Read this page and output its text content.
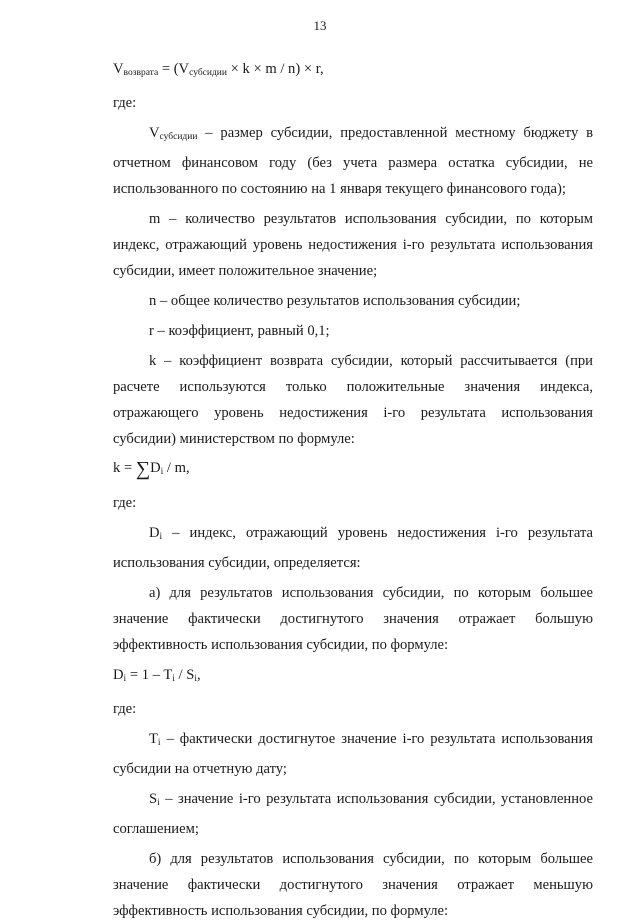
13

$V_{возврата} = (V_{субсидии} \times k \times m / n) \times r$,

где:

$V_{субсидии}$ – размер субсидии, предоставленной местному бюджету в отчетном финансовом году (без учета размера остатка субсидии, не использованного по состоянию на 1 января текущего финансового года);

m – количество результатов использования субсидии, по которым индекс, отражающий уровень недостижения i-го результата использования субсидии, имеет положительное значение;

n – общее количество результатов использования субсидии;

r – коэффициент, равный 0,1;

k – коэффициент возврата субсидии, который рассчитывается (при расчете используются только положительные значения индекса, отражающего уровень недостижения i-го результата использования субсидии) министерством по формуле:

$k = \sum D_i / m$,

где:

$D_i$ – индекс, отражающий уровень недостижения i-го результата использования субсидии, определяется:

а) для результатов использования субсидии, по которым большее значение фактически достигнутого значения отражает большую эффективность использования субсидии, по формуле:

$D_i = 1 - T_i / S_i$,

где:

$T_i$ – фактически достигнутое значение i-го результата использования субсидии на отчетную дату;

$S_i$ – значение i-го результата использования субсидии, установленное соглашением;

б) для результатов использования субсидии, по которым большее значение фактически достигнутого значения отражает меньшую эффективность использования субсидии, по формуле:
